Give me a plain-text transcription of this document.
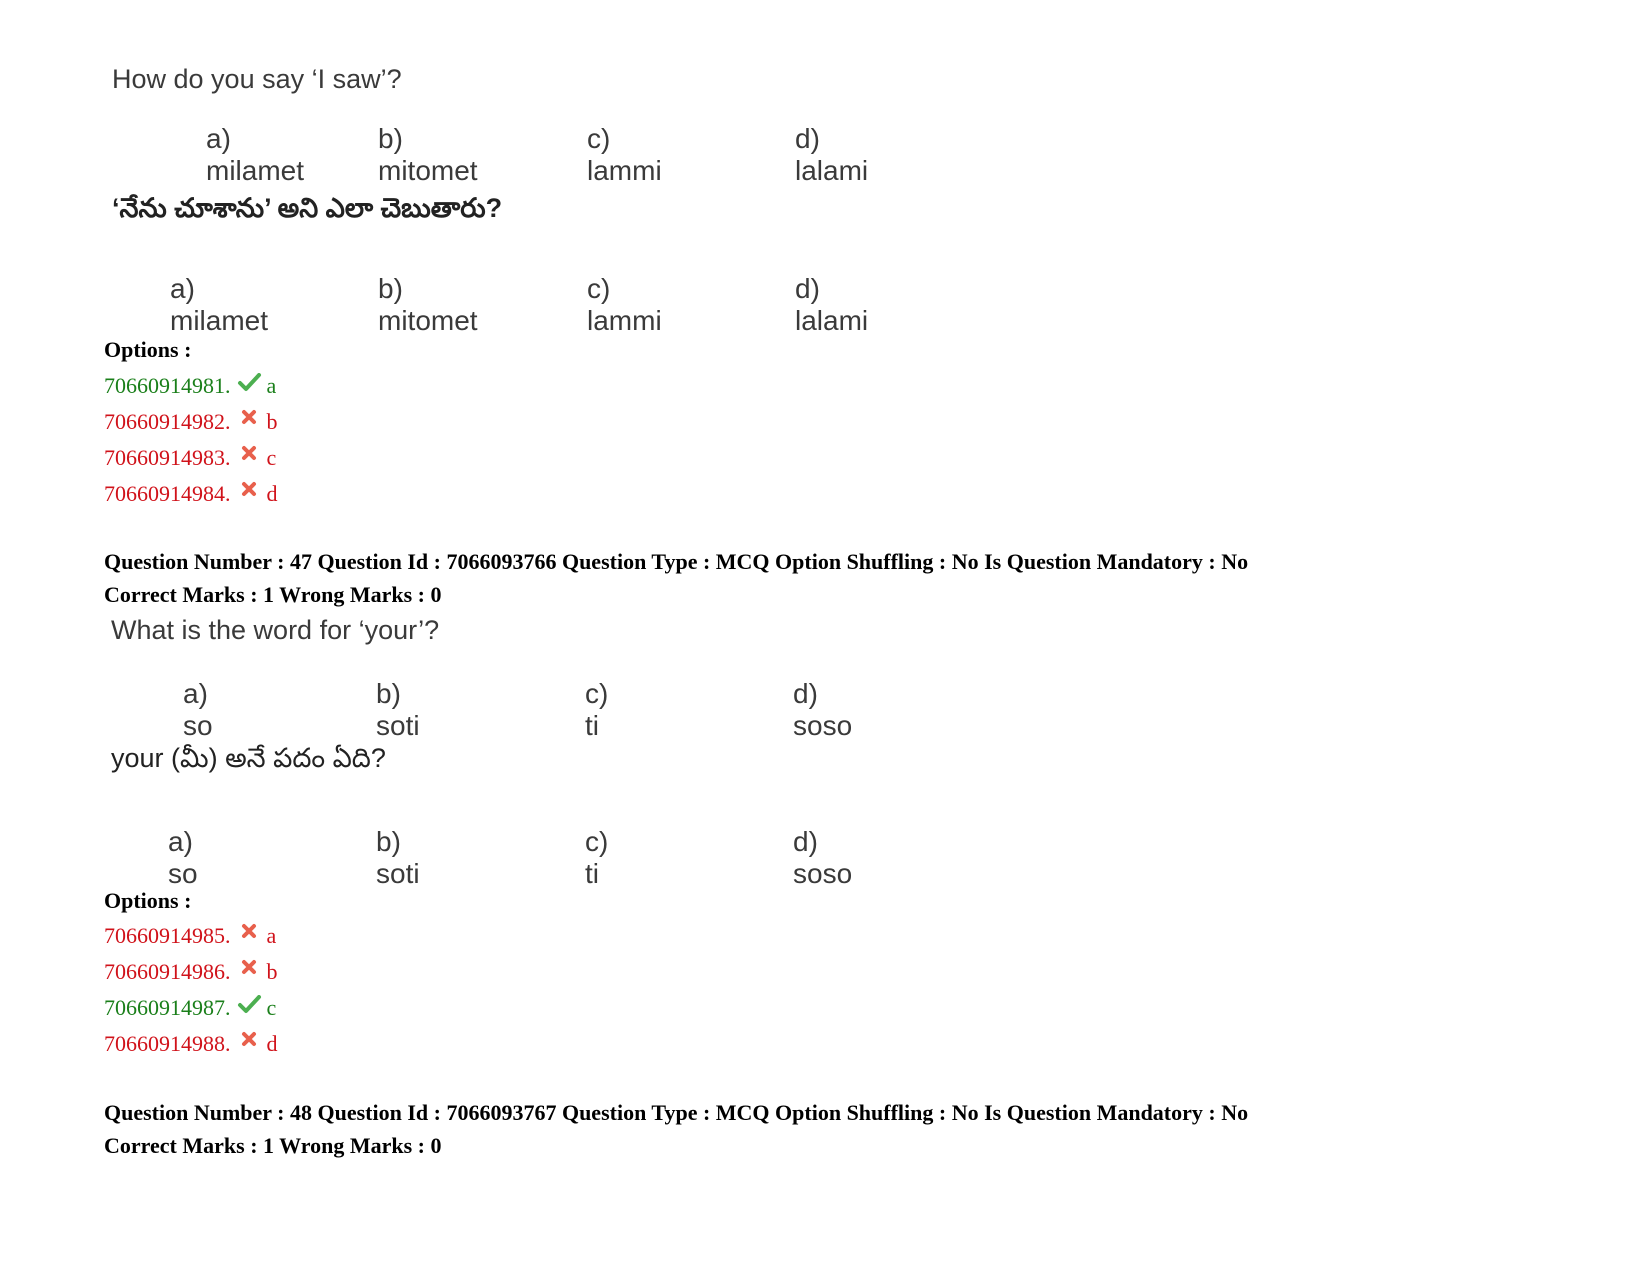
How do you say ‘I saw’?
a) milamet
b) mitomet
c) lammi
d) lalami
‘నేను చూశాను’ అని ఎలా చెబుతారు?
a) milamet
b) mitomet
c) lammi
d) lalami
Options :
70660914981. a
70660914982. b
70660914983. c
70660914984. d
Question Number : 47 Question Id : 7066093766 Question Type : MCQ Option Shuffling : No Is Question Mandatory : No
Correct Marks : 1 Wrong Marks : 0
What is the word for ‘your’?
a) so
b) soti
c) ti
d) soso
your (మీ) అనే పదం ఏది?
a) so
b) soti
c) ti
d) soso
Options :
70660914985. a
70660914986. b
70660914987. c
70660914988. d
Question Number : 48 Question Id : 7066093767 Question Type : MCQ Option Shuffling : No Is Question Mandatory : No
Correct Marks : 1 Wrong Marks : 0
